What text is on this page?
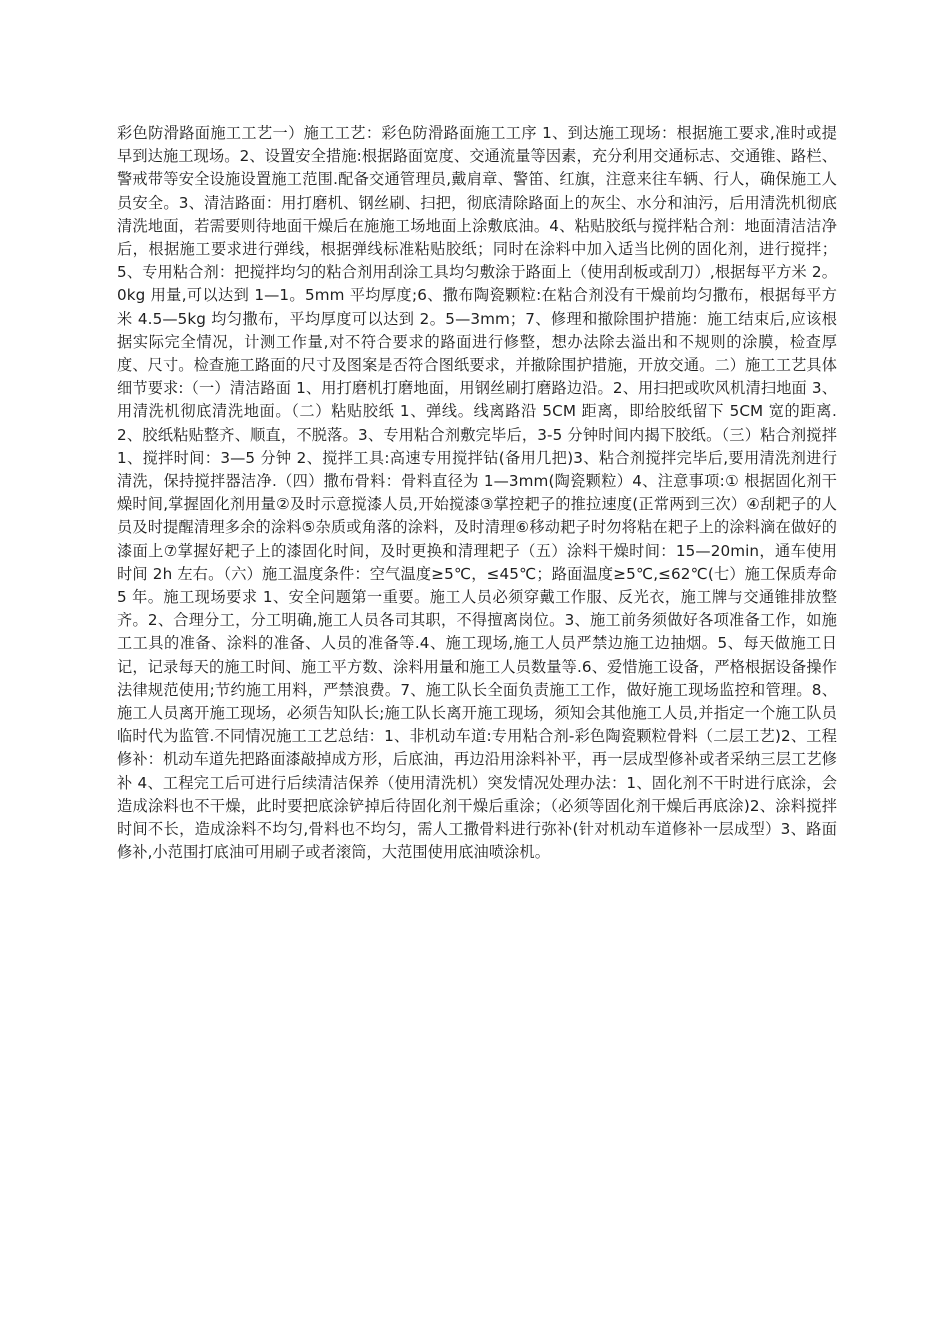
彩色防滑路面施工工艺一）施工工艺：彩色防滑路面施工工序 1、到达施工现场：根据施工要求,准时或提早到达施工现场。2、设置安全措施:根据路面宽度、交通流量等因素，充分利用交通标志、交通锥、路栏、警戒带等安全设施设置施工范围.配备交通管理员,戴肩章、警笛、红旗，注意来往车辆、行人，确保施工人员安全。3、清洁路面：用打磨机、钢丝刷、扫把，彻底清除路面上的灰尘、水分和油污，后用清洗机彻底清洗地面，若需要则待地面干燥后在施施工场地面上涂敷底油。4、粘贴胶纸与搅拌粘合剂：地面清洁洁净后，根据施工要求进行弹线，根据弹线标准粘贴胶纸；同时在涂料中加入适当比例的固化剂，进行搅拌；5、专用粘合剂：把搅拌均匀的粘合剂用刮涂工具均匀敷涂于路面上（使用刮板或刮刀）,根据每平方米 2。0kg 用量,可以达到 1—1。5mm 平均厚度;6、撒布陶瓷颗粒:在粘合剂没有干燥前均匀撒布，根据每平方米 4.5—5kg 均匀撒布，平均厚度可以达到 2。5—3mm；7、修理和撤除围护措施：施工结束后,应该根据实际完全情况，计测工作量,对不符合要求的路面进行修整，想办法除去溢出和不规则的涂膜，检查厚度、尺寸。检查施工路面的尺寸及图案是否符合图纸要求，并撤除围护措施，开放交通。二）施工工艺具体细节要求:（一）清洁路面 1、用打磨机打磨地面，用钢丝刷打磨路边沿。2、用扫把或吹风机清扫地面 3、用清洗机彻底清洗地面。（二）粘贴胶纸 1、弹线。线离路沿 5CM 距离，即给胶纸留下 5CM 宽的距离.2、胶纸粘贴整齐、顺直，不脱落。3、专用粘合剂敷完毕后，3-5 分钟时间内揭下胶纸。（三）粘合剂搅拌 1、搅拌时间：3—5 分钟 2、搅拌工具:高速专用搅拌钻(备用几把)3、粘合剂搅拌完毕后,要用清洗剂进行清洗，保持搅拌器洁净.（四）撒布骨料：骨料直径为 1—3mm(陶瓷颗粒）4、注意事项:① 根据固化剂干燥时间,掌握固化剂用量②及时示意搅漆人员,开始搅漆③掌控耙子的推拉速度(正常两到三次）④刮耙子的人员及时提醒清理多余的涂料⑤杂质或角落的涂料，及时清理⑥移动耙子时勿将粘在耙子上的涂料滴在做好的漆面上⑦掌握好耙子上的漆固化时间，及时更换和清理耙子（五）涂料干燥时间：15—20min，通车使用时间 2h 左右。（六）施工温度条件：空气温度≥5℃，≤45℃；路面温度≥5℃,≤62℃(七）施工保质寿命 5 年。施工现场要求 1、安全问题第一重要。施工人员必须穿戴工作服、反光衣，施工牌与交通锥排放整齐。2、合理分工，分工明确,施工人员各司其职，不得擅离岗位。3、施工前务须做好各项准备工作，如施工工具的准备、涂料的准备、人员的准备等.4、施工现场,施工人员严禁边施工边抽烟。5、每天做施工日记，记录每天的施工时间、施工平方数、涂料用量和施工人员数量等.6、爱惜施工设备，严格根据设备操作法律规范使用;节约施工用料，严禁浪费。7、施工队长全面负责施工工作，做好施工现场监控和管理。8、施工人员离开施工现场，必须告知队长;施工队长离开施工现场，须知会其他施工人员,并指定一个施工队员临时代为监管.不同情况施工工艺总结：1、非机动车道:专用粘合剂-彩色陶瓷颗粒骨料（二层工艺)2、工程修补：机动车道先把路面漆敲掉成方形，后底油，再边沿用涂料补平，再一层成型修补或者采纳三层工艺修补 4、工程完工后可进行后续清洁保养（使用清洗机）突发情况处理办法：1、固化剂不干时进行底涂，会造成涂料也不干燥，此时要把底涂铲掉后待固化剂干燥后重涂；（必须等固化剂干燥后再底涂)2、涂料搅拌时间不长，造成涂料不均匀,骨料也不均匀，需人工撒骨料进行弥补(针对机动车道修补一层成型）3、路面修补,小范围打底油可用刷子或者滚筒，大范围使用底油喷涂机。
